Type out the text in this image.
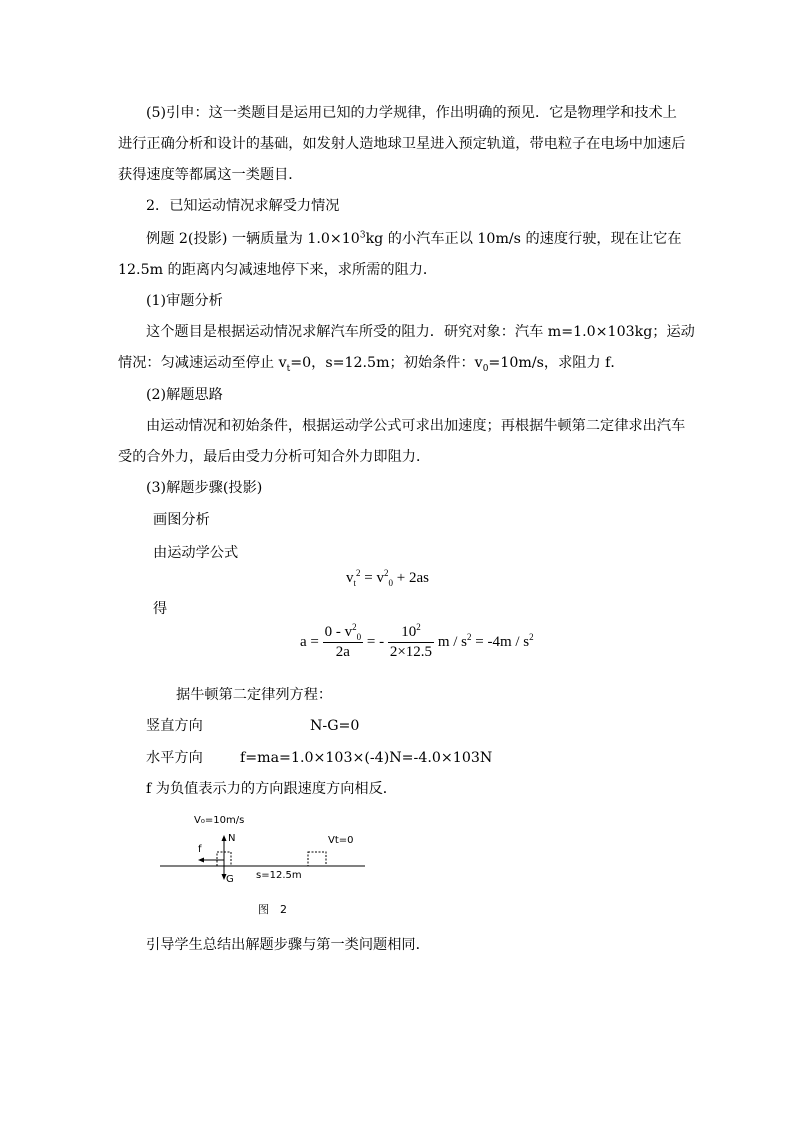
(5)引申：这一类题目是运用已知的力学规律，作出明确的预见．它是物理学和技术上
进行正确分析和设计的基础，如发射人造地球卫星进入预定轨道，带电粒子在电场中加速后
获得速度等都属这一类题目．
2．已知运动情况求解受力情况
例题 2(投影) 一辆质量为 $1.0\times 10^3kg$ 的小汽车正以 10m/s 的速度行驶，现在让它在
12.5m 的距离内匀减速地停下来，求所需的阻力．
(1)审题分析
这个题目是根据运动情况求解汽车所受的阻力．研究对象：汽车 m=1.0×103kg；运动
情况：匀减速运动至停止 $v_t=0$，s=12.5m；初始条件：$v_0=10m/s$，求阻力 f．
(2)解题思路
由运动情况和初始条件，根据运动学公式可求出加速度；再根据牛顿第二定律求出汽车
受的合外力，最后由受力分析可知合外力即阻力．
(3)解题步骤(投影)
画图分析
由运动学公式
$v_t^2 = v^2_0 + 2as$
得
$a = \frac{0 - v^2_0}{2a}$ = - $\frac{10^2}{2\times 12.5}$ $m / s^2 = -4m / s^2$
据牛顿第二定律列方程：
竖直方向	N-G=0
水平方向	f=ma=1.0×103×(-4)N=-4.0×103N
f 为负值表示力的方向跟速度方向相反．
V₀=10m/s
N
f
G
Vt=0
s=12.5m
图　2
引导学生总结出解题步骤与第一类问题相同．
